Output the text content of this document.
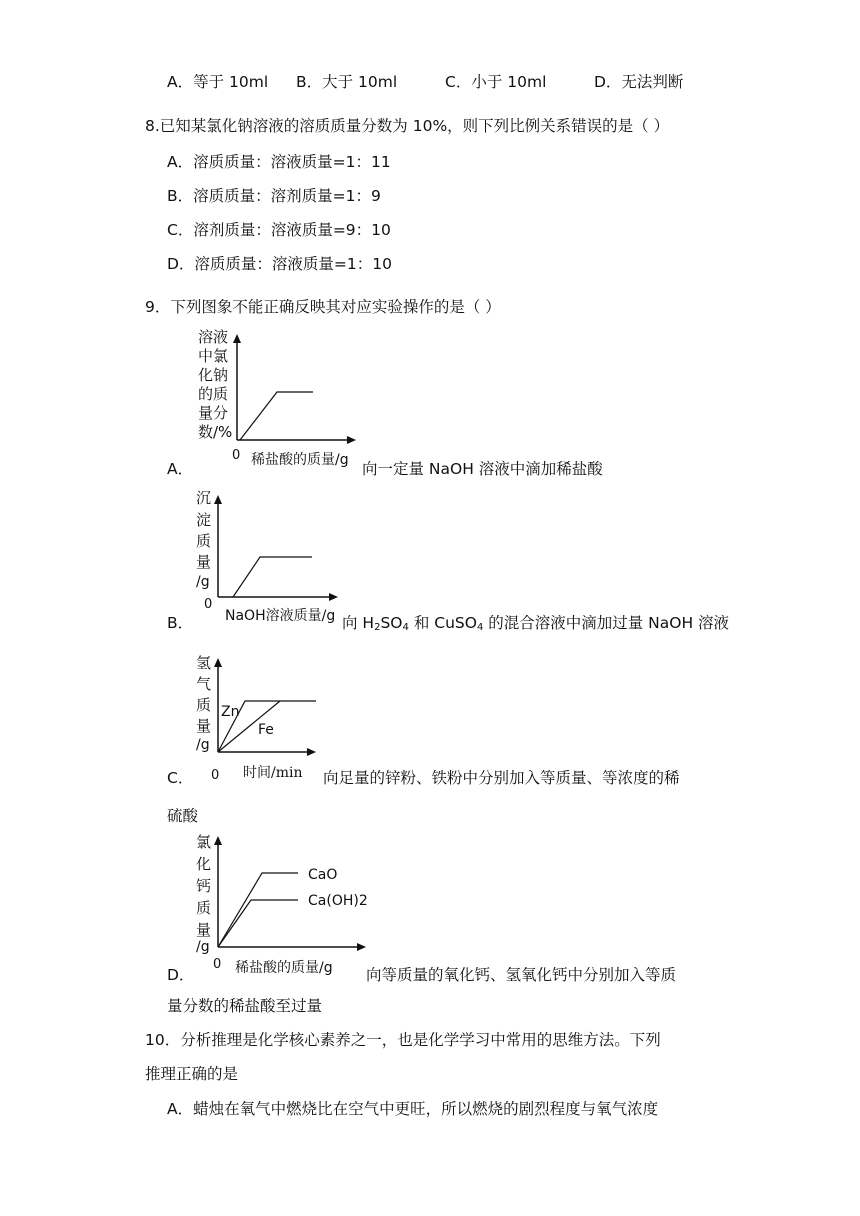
A．等于 10ml B．大于 10ml	C．小于 10ml	D．无法判断
8.已知某氯化钠溶液的溶质质量分数为 10%，则下列比例关系错误的是（ ）
A．溶质质量：溶液质量=1：11
B．溶质质量：溶剂质量=1：9
C．溶剂质量：溶液质量=9：10
D．溶质质量：溶液质量=1：10
9．下列图象不能正确反映其对应实验操作的是（ ）
溶液
中氯
化钠
的质
量分
数/%
0 稀盐酸的质量/g
A．	向一定量 NaOH 溶液中滴加稀盐酸
沉
淀
质
量
/g
0
NaOH溶液质量/g
B．	向 $H_2SO_4$ 和 CuSO$_4$ 的混合溶液中滴加过量 NaOH 溶液
氢
气
质
量
/g
Zn
Fe
0 时间/min
C．	向足量的锌粉、铁粉中分别加入等质量、等浓度的稀
硫酸
氯
化
钙
质
量
/g
CaO
Ca(OH)2
0 稀盐酸的质量/g
D．	向等质量的氧化钙、氢氧化钙中分别加入等质
量分数的稀盐酸至过量
10．分析推理是化学核心素养之一，也是化学学习中常用的思维方法。下列
推理正确的是
A．蜡烛在氧气中燃烧比在空气中更旺，所以燃烧的剧烈程度与氧气浓度
